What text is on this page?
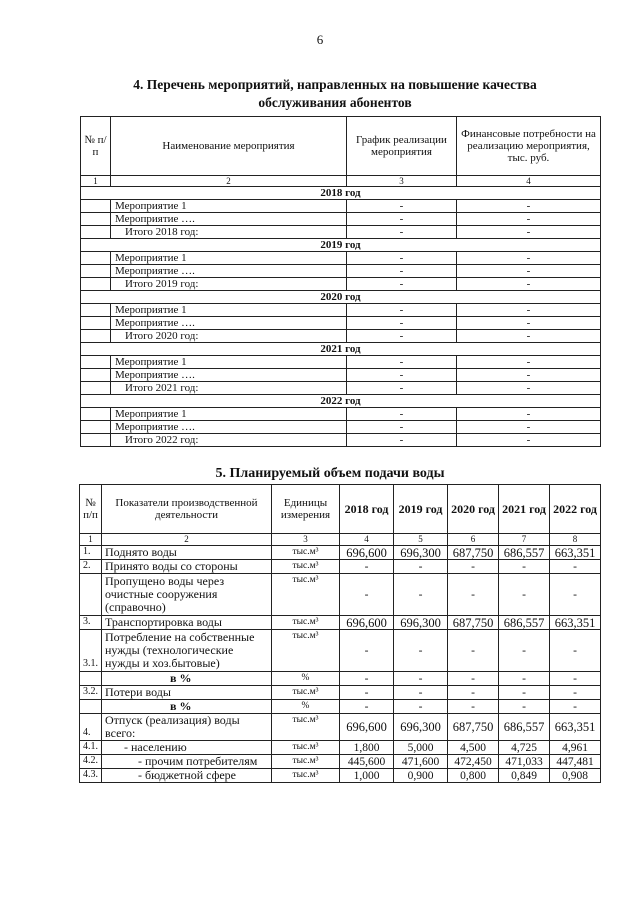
6
4. Перечень мероприятий, направленных на повышение качества
обслуживания абонентов
№ п/п	Наименование мероприятия	График реализации мероприятия	Финансовые потребности на реализацию мероприятия, тыс. руб.
1	2	3	4
2018 год			
	Мероприятие 1	-	-
	Мероприятие ….	-	-
	Итого 2018 год:	-	-
2019 год			
	Мероприятие 1	-	-
	Мероприятие ….	-	-
	Итого 2019 год:	-	-
2020 год			
	Мероприятие 1	-	-
	Мероприятие ….	-	-
	Итого 2020 год:	-	-
2021 год			
	Мероприятие 1	-	-
	Мероприятие ….	-	-
	Итого 2021 год:	-	-
2022 год			
	Мероприятие 1	-	-
	Мероприятие ….	-	-
	Итого 2022 год:	-	-
5. Планируемый объем подачи воды
№ п/п	Показатели производственной деятельности	Единицы измерения	2018 год	2019 год	2020 год	2021 год	2022 год
1	2	3	4	5	6	7	8
1.	Поднято воды	тыс.м³	696,600	696,300	687,750	686,557	663,351
2.	Принято воды со стороны	тыс.м³	-	-	-	-	-
	Пропущено воды через очистные сооружения (справочно)	тыс.м³	-	-	-	-	-
3.	Транспортировка воды	тыс.м³	696,600	696,300	687,750	686,557	663,351
3.1.	Потребление на собственные нужды (технологические нужды и хоз.бытовые)	тыс.м³	-	-	-	-	-
	в %	%	-	-	-	-	-
3.2.	Потери воды	тыс.м³	-	-	-	-	-
	в %	%	-	-	-	-	-
4.	Отпуск (реализация) воды всего:	тыс.м³	696,600	696,300	687,750	686,557	663,351
4.1.	- населению	тыс.м³	1,800	5,000	4,500	4,725	4,961
4.2.	- прочим потребителям	тыс.м³	445,600	471,600	472,450	471,033	447,481
4.3.	- бюджетной сфере	тыс.м³	1,000	0,900	0,800	0,849	0,908
